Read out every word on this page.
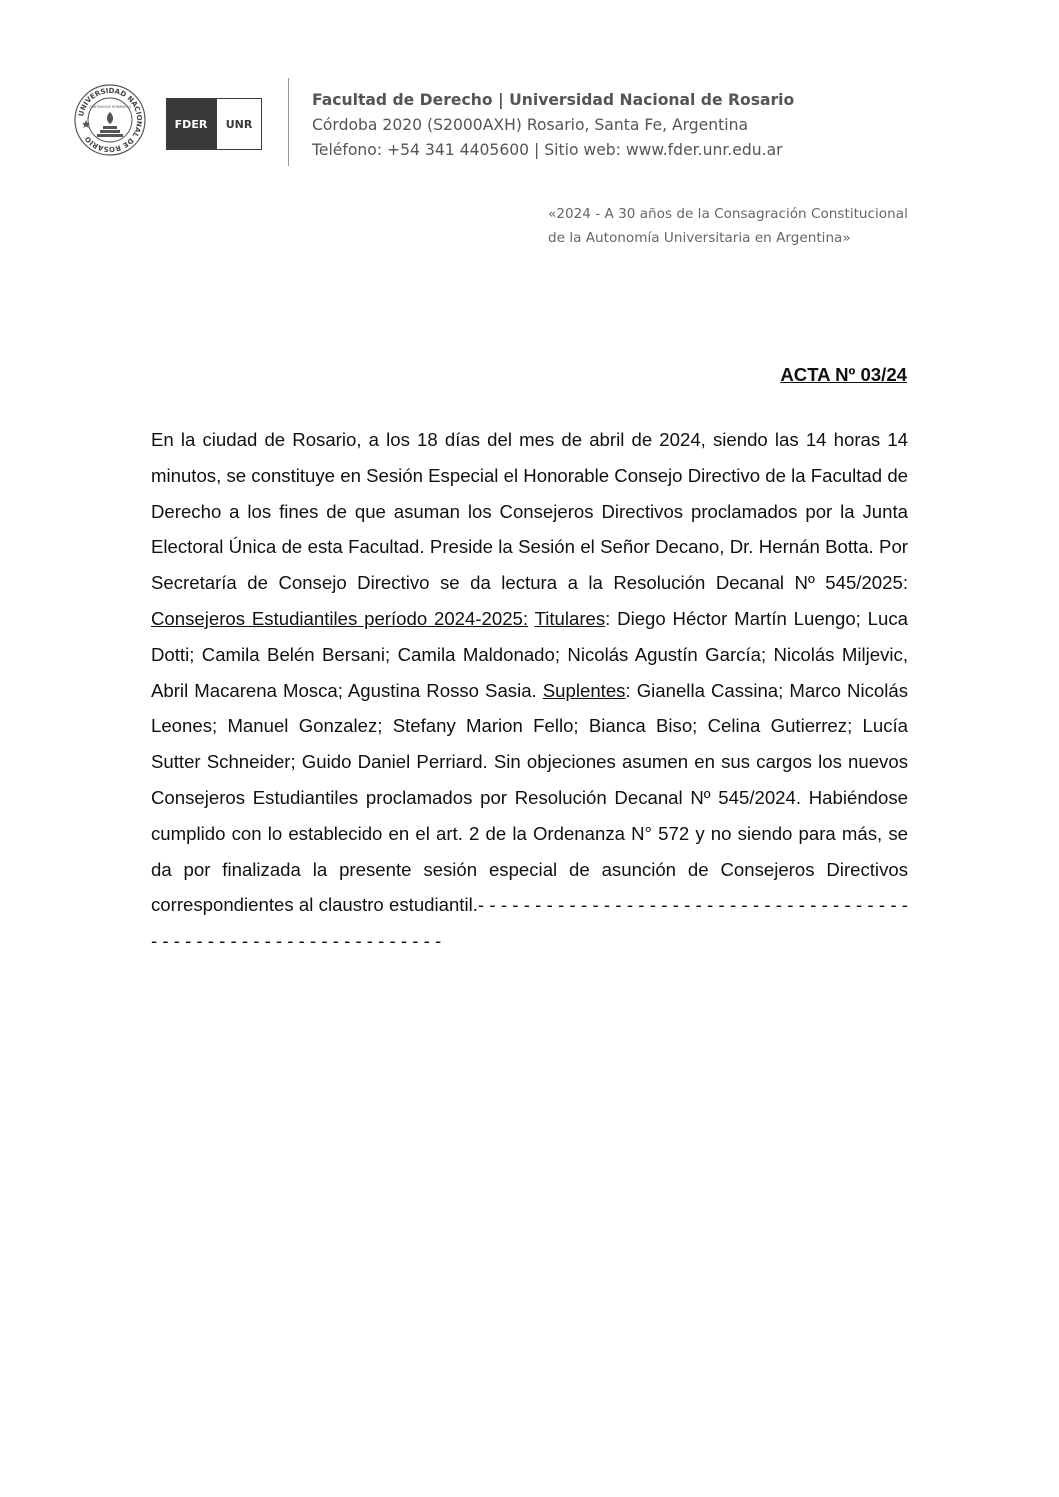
UNIVERSIDAD NACIONAL DE ROSARIO
CONTINUOUS ROMANITAS
FDER	UNR
Facultad de Derecho | Universidad Nacional de Rosario
Córdoba 2020 (S2000AXH) Rosario, Santa Fe, Argentina
Teléfono: +54 341 4405600 | Sitio web: www.fder.unr.edu.ar
«2024 - A 30 años de la Consagración Constitucional
de la Autonomía Universitaria en Argentina»
ACTA Nº 03/24
En la ciudad de Rosario, a los 18 días del mes de abril de 2024, siendo las 14 horas 14 minutos, se constituye en Sesión Especial el Honorable Consejo Directivo de la Facultad de Derecho a los fines de que asuman los Consejeros Directivos proclamados por la Junta Electoral Única de esta Facultad. Preside la Sesión el Señor Decano, Dr. Hernán Botta. Por Secretaría de Consejo Directivo se da lectura a la Resolución Decanal Nº 545/2025: Consejeros Estudiantiles período 2024-2025: Titulares: Diego Héctor Martín Luengo; Luca Dotti; Camila Belén Bersani; Camila Maldonado; Nicolás Agustín García; Nicolás Miljevic, Abril Macarena Mosca; Agustina Rosso Sasia. Suplentes: Gianella Cassina; Marco Nicolás Leones; Manuel Gonzalez; Stefany Marion Fello; Bianca Biso; Celina Gutierrez; Lucía Sutter Schneider; Guido Daniel Perriard. Sin objeciones asumen en sus cargos los nuevos Consejeros Estudiantiles proclamados por Resolución Decanal Nº 545/2024. Habiéndose cumplido con lo establecido en el art. 2 de la Ordenanza N° 572 y no siendo para más, se da por finalizada la presente sesión especial de asunción de Consejeros Directivos correspondientes al claustro estudiantil.- - - - - - - - - - - - - - - - - - - - - - - - - - - - - - - - - - - - - - - - - - - - - - - - - - - - - - - - - - - - - - - -
